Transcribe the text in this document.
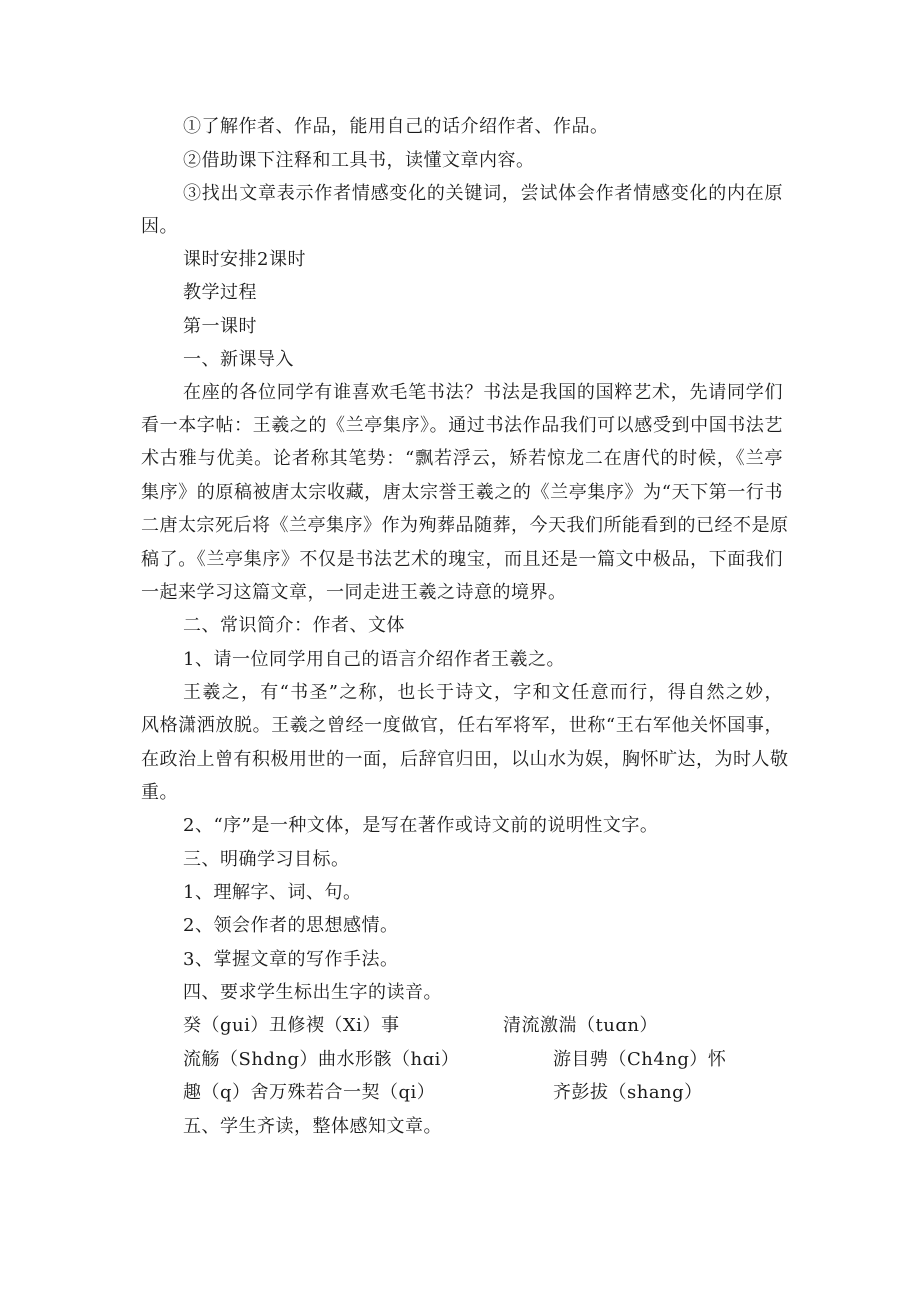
①了解作者、作品，能用自己的话介绍作者、作品。
②借助课下注释和工具书，读懂文章内容。
③找出文章表示作者情感变化的关键词，尝试体会作者情感变化的内在原
因。
课时安排2课时
教学过程
第一课时
一、新课导入
在座的各位同学有谁喜欢毛笔书法？书法是我国的国粹艺术，先请同学们
看一本字帖：王羲之的《兰亭集序》。通过书法作品我们可以感受到中国书法艺
术古雅与优美。论者称其笔势：“飘若浮云，矫若惊龙二在唐代的时候，《兰亭
集序》的原稿被唐太宗收藏，唐太宗誉王羲之的《兰亭集序》为“天下第一行书
二唐太宗死后将《兰亭集序》作为殉葬品随葬，今天我们所能看到的已经不是原
稿了。《兰亭集序》不仅是书法艺术的瑰宝，而且还是一篇文中极品，下面我们
一起来学习这篇文章，一同走进王羲之诗意的境界。
二、常识简介：作者、文体
1、请一位同学用自己的语言介绍作者王羲之。
王羲之，有“书圣”之称，也长于诗文，字和文任意而行，得自然之妙，
风格潇洒放脱。王羲之曾经一度做官，任右军将军，世称“王右军他关怀国事，
在政治上曾有积极用世的一面，后辞官归田，以山水为娱，胸怀旷达，为时人敬
重。
2、“序”是一种文体，是写在著作或诗文前的说明性文字。
三、明确学习目标。
1、理解字、词、句。
2、领会作者的思想感情。
3、掌握文章的写作手法。
四、要求学生标出生字的读音。
癸（gui）丑修禊（Xi）事	清流激湍（tuɑn）
流觞（Shdng）曲水形骸（hɑi）	游目骋（Ch4ng）怀
趣（q）舍万殊若合一契（qi）	齐彭拔（shang）
五、学生齐读，整体感知文章。
